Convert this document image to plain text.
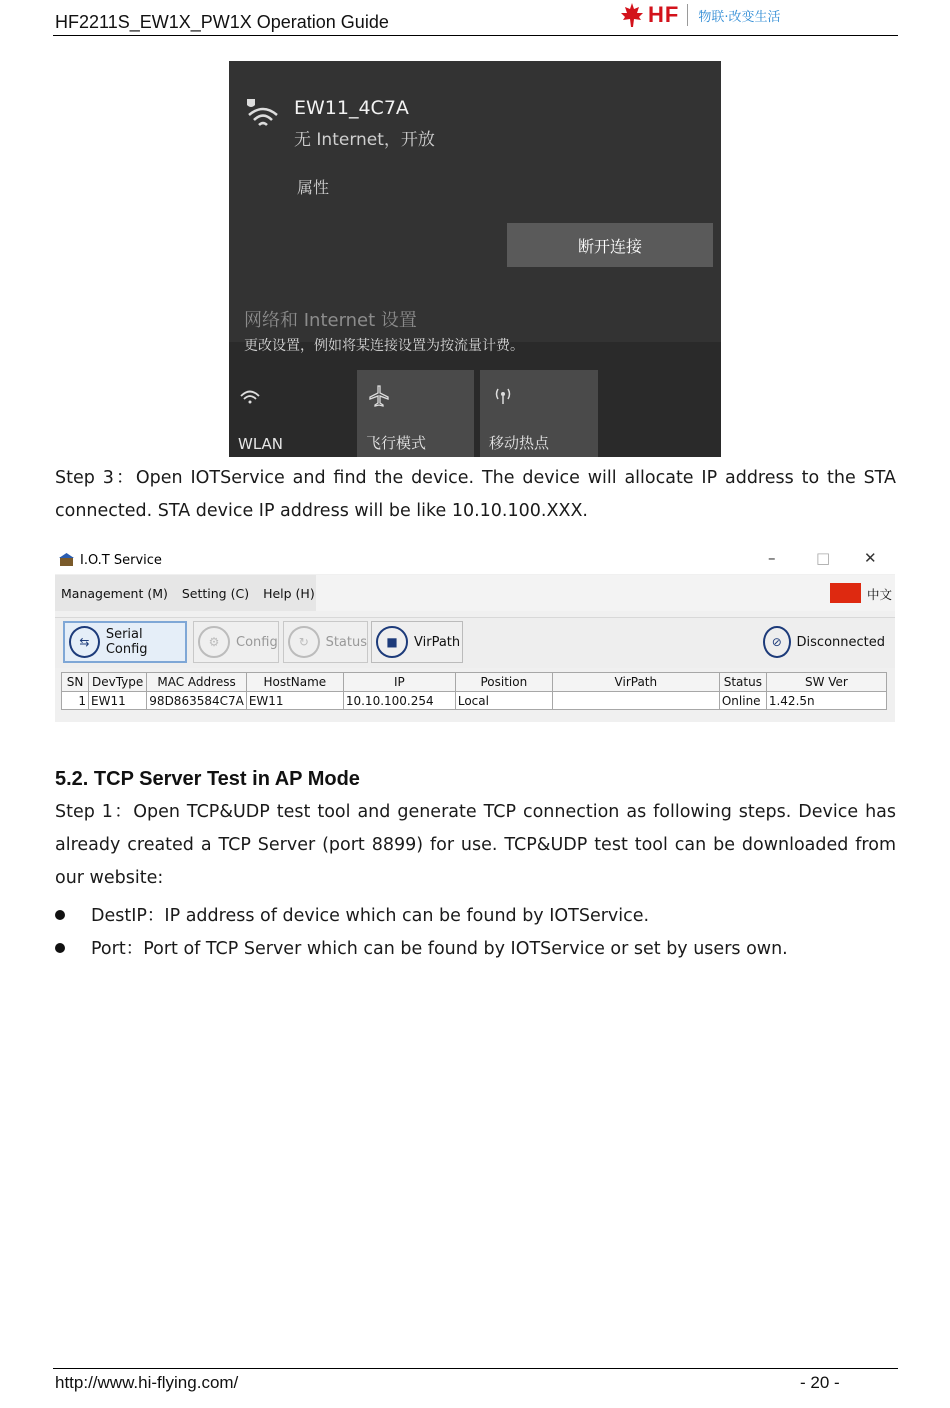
HF2211S_EW1X_PW1X Operation Guide	HF 物联·改变生活
EW11_4C7A
无 Internet，开放
属性
断开连接
网络和 Internet 设置
更改设置，例如将某连接设置为按流量计费。
WLAN	飞行模式	移动热点
Step 3：Open IOTService and find the device. The device will allocate IP address to the STA connected. STA device IP address will be like 10.10.100.XXX.
I.O.T Service	–	□ ✕
Management (M) Setting (C) Help (H)	中文
⇆	Serial Config	⚙	Config	↻	Status	■	VirPath	⊘	Disconnected
SN	DevType	MAC Address	HostName	IP	Position	VirPath	Status	SW Ver
1	EW11	98D863584C7A	EW11	10.10.100.254	Local		Online	1.42.5n
5.2. TCP Server Test in AP Mode
Step 1：Open TCP&UDP test tool and generate TCP connection as following steps. Device has already created a TCP Server (port 8899) for use. TCP&UDP test tool can be downloaded from our website:
DestIP：IP address of device which can be found by IOTService.
Port：Port of TCP Server which can be found by IOTService or set by users own.
http://www.hi-flying.com/	- 20 -
